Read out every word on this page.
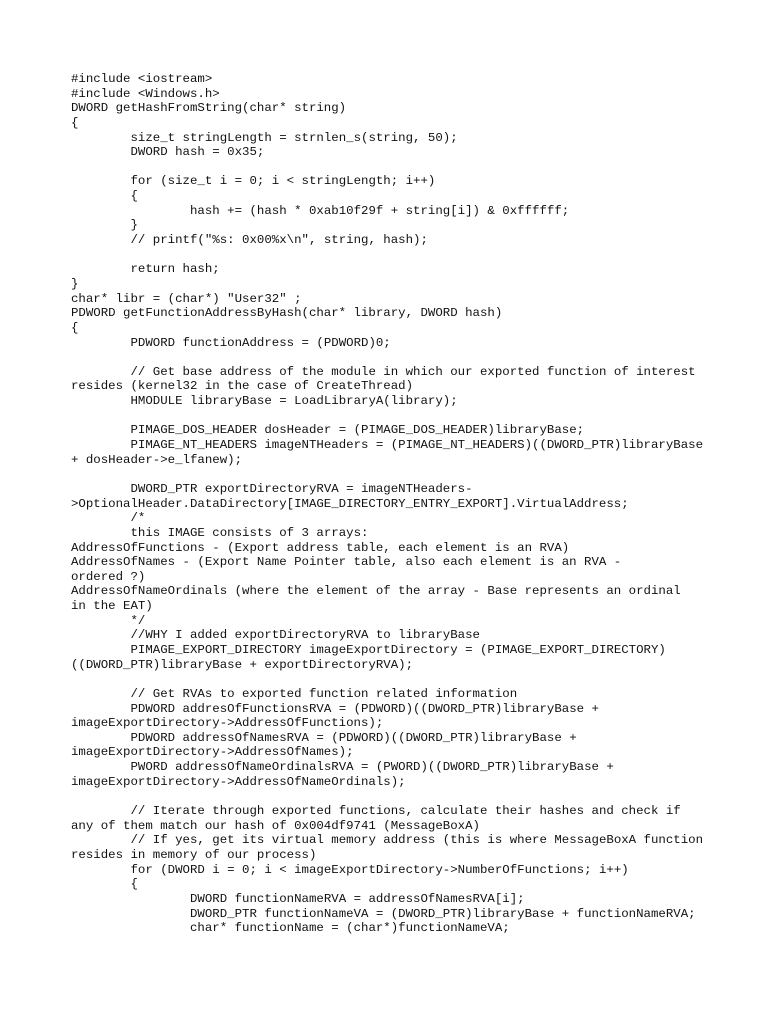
#include <iostream>
#include <Windows.h>
DWORD getHashFromString(char* string)
{
	size_t stringLength = strnlen_s(string, 50);
	DWORD hash = 0x35;
	for (size_t i = 0; i < stringLength; i++)
	{
		hash += (hash * 0xab10f29f + string[i]) & 0xffffff;
	}
	// printf("%s: 0x00%x\n", string, hash);
	return hash;
}
char* libr = (char*) "User32" ;
PDWORD getFunctionAddressByHash(char* library, DWORD hash)
{
	PDWORD functionAddress = (PDWORD)0;
	// Get base address of the module in which our exported function of interest
resides (kernel32 in the case of CreateThread)
	HMODULE libraryBase = LoadLibraryA(library);
	PIMAGE_DOS_HEADER dosHeader = (PIMAGE_DOS_HEADER)libraryBase;
	PIMAGE_NT_HEADERS imageNTHeaders = (PIMAGE_NT_HEADERS)((DWORD_PTR)libraryBase
+ dosHeader->e_lfanew);
	DWORD_PTR exportDirectoryRVA = imageNTHeaders-
>OptionalHeader.DataDirectory[IMAGE_DIRECTORY_ENTRY_EXPORT].VirtualAddress;
	/*
	this IMAGE consists of 3 arrays:
AddressOfFunctions - (Export address table, each element is an RVA)
AddressOfNames - (Export Name Pointer table, also each element is an RVA -
ordered ?)
AddressOfNameOrdinals (where the element of the array - Base represents an ordinal
in the EAT)
	*/
	//WHY I added exportDirectoryRVA to libraryBase
	PIMAGE_EXPORT_DIRECTORY imageExportDirectory = (PIMAGE_EXPORT_DIRECTORY)
((DWORD_PTR)libraryBase + exportDirectoryRVA);
	// Get RVAs to exported function related information
	PDWORD addresOfFunctionsRVA = (PDWORD)((DWORD_PTR)libraryBase +
imageExportDirectory->AddressOfFunctions);
	PDWORD addressOfNamesRVA = (PDWORD)((DWORD_PTR)libraryBase +
imageExportDirectory->AddressOfNames);
	PWORD addressOfNameOrdinalsRVA = (PWORD)((DWORD_PTR)libraryBase +
imageExportDirectory->AddressOfNameOrdinals);
	// Iterate through exported functions, calculate their hashes and check if
any of them match our hash of 0x004df9741 (MessageBoxA)
	// If yes, get its virtual memory address (this is where MessageBoxA function
resides in memory of our process)
	for (DWORD i = 0; i < imageExportDirectory->NumberOfFunctions; i++)
	{
		DWORD functionNameRVA = addressOfNamesRVA[i];
		DWORD_PTR functionNameVA = (DWORD_PTR)libraryBase + functionNameRVA;
		char* functionName = (char*)functionNameVA;
